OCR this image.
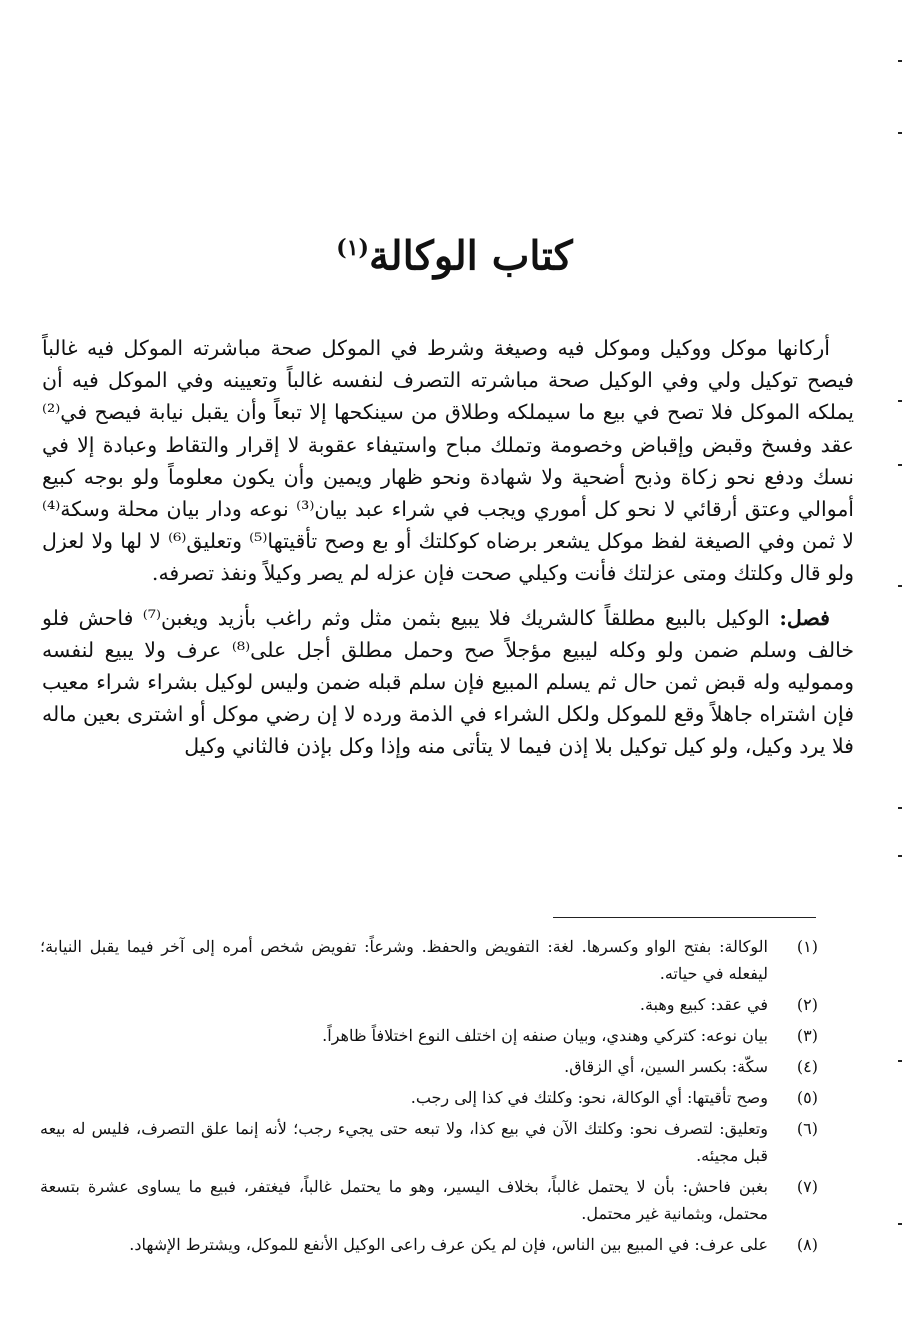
كتاب الوكالة$^{(١)}$

أركانها موكل ووكيل وموكل فيه وصيغة وشرط في الموكل صحة مباشرته الموكل فيه غالباً فيصح توكيل ولي وفي الوكيل صحة مباشرته التصرف لنفسه غالباً وتعيينه وفي الموكل فيه أن يملكه الموكل فلا تصح في بيع ما سيملكه وطلاق من سينكحها إلا تبعاً وأن يقبل نيابة فيصح في⁽²⁾ عقد وفسخ وقبض وإقباض وخصومة وتملك مباح واستيفاء عقوبة لا إقرار والتقاط وعبادة إلا في نسك ودفع نحو زكاة وذبح أضحية ولا شهادة ونحو ظهار ويمين وأن يكون معلوماً ولو بوجه كبيع أموالي وعتق أرقائي لا نحو كل أموري ويجب في شراء عبد بيان⁽³⁾ نوعه ودار بيان محلة وسكة⁽⁴⁾ لا ثمن وفي الصيغة لفظ موكل يشعر برضاه كوكلتك أو بع وصح تأقيتها⁽⁵⁾ وتعليق⁽⁶⁾ لا لها ولا لعزل ولو قال وكلتك ومتى عزلتك فأنت وكيلي صحت فإن عزله لم يصر وكيلاً ونفذ تصرفه.

فصل: الوكيل بالبيع مطلقاً كالشريك فلا يبيع بثمن مثل وثم راغب بأزيد ويغبن⁽⁷⁾ فاحش فلو خالف وسلم ضمن ولو وكله ليبيع مؤجلاً صح وحمل مطلق أجل على⁽⁸⁾ عرف ولا يبيع لنفسه ومموليه وله قبض ثمن حال ثم يسلم المبيع فإن سلم قبله ضمن وليس لوكيل بشراء شراء معيب فإن اشتراه جاهلاً وقع للموكل ولكل الشراء في الذمة ورده لا إن رضي موكل أو اشترى بعين ماله فلا يرد وكيل، ولو كيل توكيل بلا إذن فيما لا يتأتى منه وإذا وكل بإذن فالثاني وكيل

(١)
الوكالة: بفتح الواو وكسرها. لغة: التفويض والحفظ. وشرعاً: تفويض شخص أمره إلى آخر فيما يقبل النيابة؛ ليفعله في حياته.
(٢)
في عقد: كبيع وهبة.
(٣)
بيان نوعه: كتركي وهندي، وبيان صنفه إن اختلف النوع اختلافاً ظاهراً.
(٤)
سكّة: بكسر السين، أي الزقاق.
(٥)
وصح تأقيتها: أي الوكالة، نحو: وكلتك في كذا إلى رجب.
(٦)
وتعليق: لتصرف نحو: وكلتك الآن في بيع كذا، ولا تبعه حتى يجيء رجب؛ لأنه إنما علق التصرف، فليس له بيعه قبل مجيئه.
(٧)
بغبن فاحش: بأن لا يحتمل غالباً، بخلاف اليسير، وهو ما يحتمل غالباً، فيغتفر، فبيع ما يساوى عشرة بتسعة محتمل، وبثمانية غير محتمل.
(٨)
على عرف: في المبيع بين الناس، فإن لم يكن عرف راعى الوكيل الأنفع للموكل، ويشترط الإشهاد.
